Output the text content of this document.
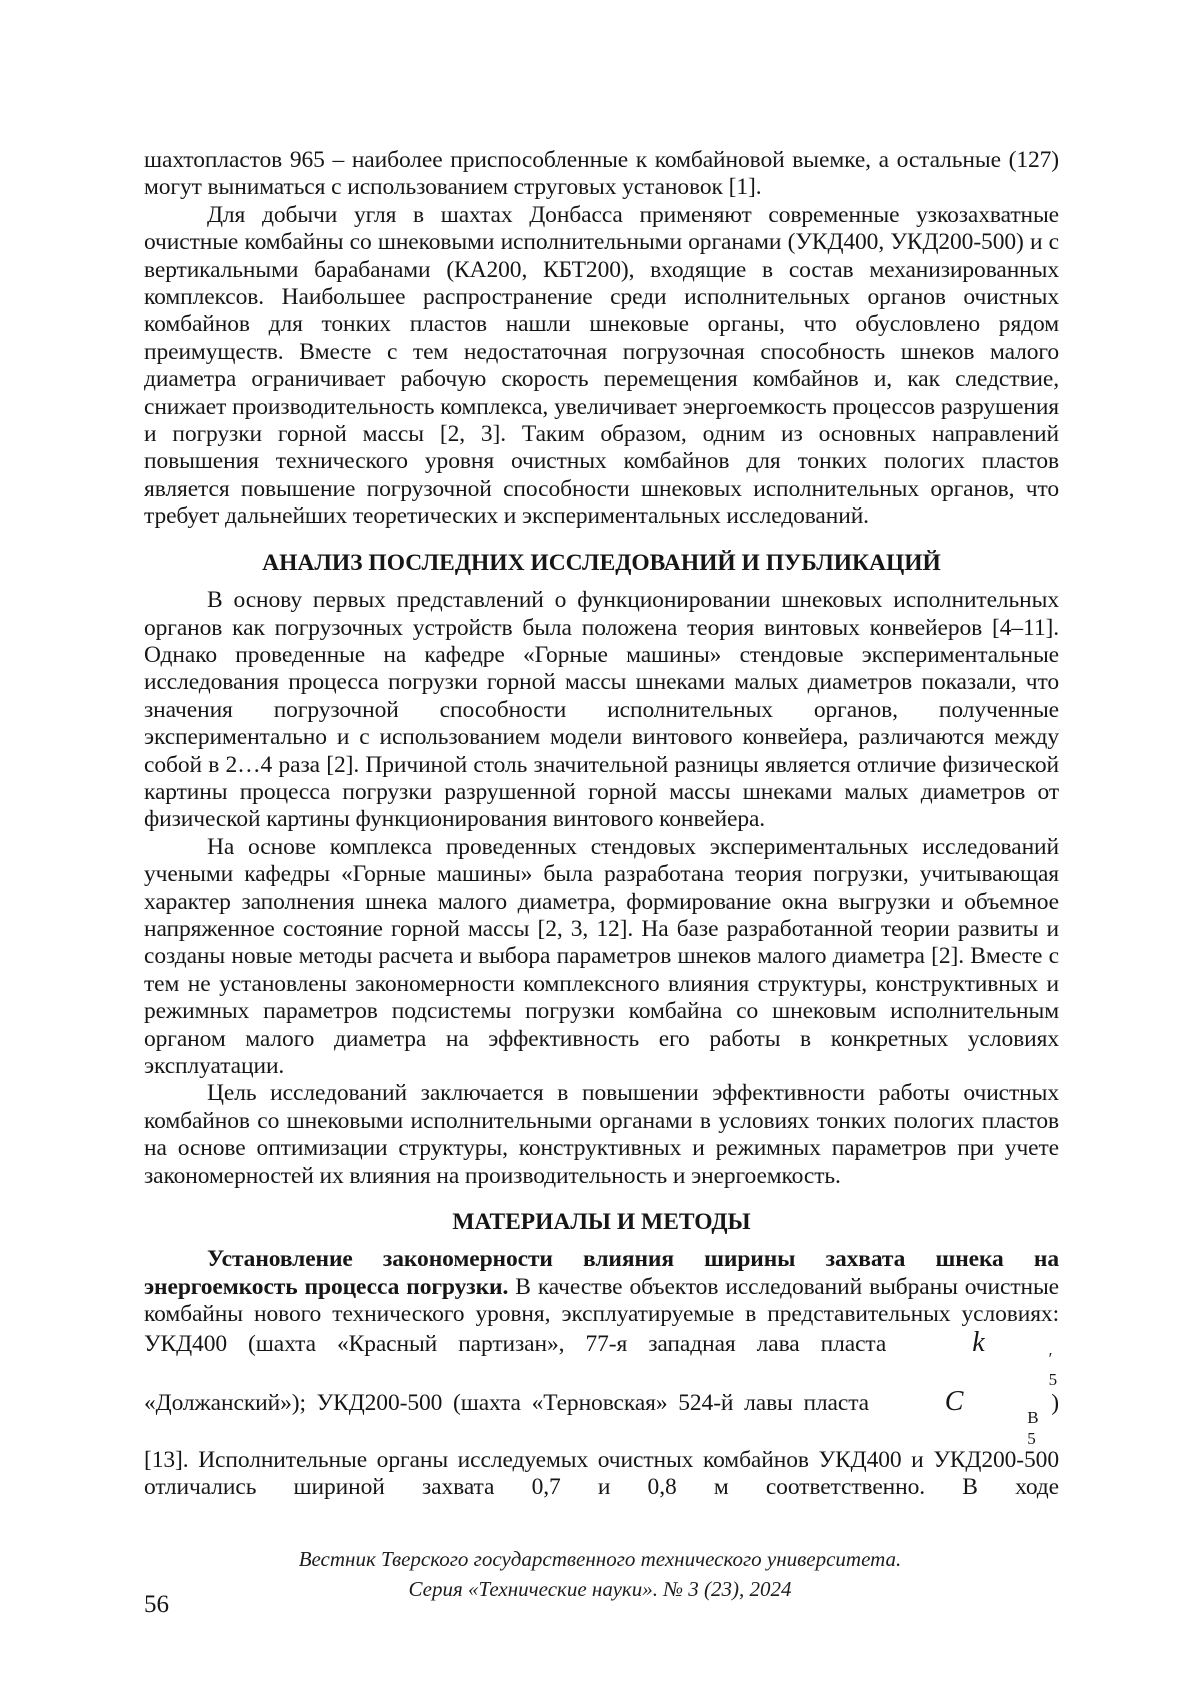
шахтопластов 965 – наиболее приспособленные к комбайновой выемке, а остальные (127) могут выниматься с использованием струговых установок [1].

Для добычи угля в шахтах Донбасса применяют современные узкозахватные очистные комбайны со шнековыми исполнительными органами (УКД400, УКД200-500) и с вертикальными барабанами (КА200, КБТ200), входящие в состав механизированных комплексов. Наибольшее распространение среди исполнительных органов очистных комбайнов для тонких пластов нашли шнековые органы, что обусловлено рядом преимуществ. Вместе с тем недостаточная погрузочная способность шнеков малого диаметра ограничивает рабочую скорость перемещения комбайнов и, как следствие, снижает производительность комплекса, увеличивает энергоемкость процессов разрушения и погрузки горной массы [2, 3]. Таким образом, одним из основных направлений повышения технического уровня очистных комбайнов для тонких пологих пластов является повышение погрузочной способности шнековых исполнительных органов, что требует дальнейших теоретических и экспериментальных исследований.

АНАЛИЗ ПОСЛЕДНИХ ИССЛЕДОВАНИЙ И ПУБЛИКАЦИЙ

В основу первых представлений о функционировании шнековых исполнительных органов как погрузочных устройств была положена теория винтовых конвейеров [4–11]. Однако проведенные на кафедре «Горные машины» стендовые экспериментальные исследования процесса погрузки горной массы шнеками малых диаметров показали, что значения погрузочной способности исполнительных органов, полученные экспериментально и с использованием модели винтового конвейера, различаются между собой в 2…4 раза [2]. Причиной столь значительной разницы является отличие физической картины процесса погрузки разрушенной горной массы шнеками малых диаметров от физической картины функционирования винтового конвейера.

На основе комплекса проведенных стендовых экспериментальных исследований учеными кафедры «Горные машины» была разработана теория погрузки, учитывающая характер заполнения шнека малого диаметра, формирование окна выгрузки и объемное напряженное состояние горной массы [2, 3, 12]. На базе разработанной теории развиты и созданы новые методы расчета и выбора параметров шнеков малого диаметра [2]. Вместе с тем не установлены закономерности комплексного влияния структуры, конструктивных и режимных параметров подсистемы погрузки комбайна со шнековым исполнительным органом малого диаметра на эффективность его работы в конкретных условиях эксплуатации.

Цель исследований заключается в повышении эффективности работы очистных комбайнов со шнековыми исполнительными органами в условиях тонких пологих пластов на основе оптимизации структуры, конструктивных и режимных параметров при учете закономерностей их влияния на производительность и энергоемкость.

МАТЕРИАЛЫ И МЕТОДЫ

Установление закономерности влияния ширины захвата шнека на энергоемкость процесса погрузки. В качестве объектов исследований выбраны очистные комбайны нового технического уровня, эксплуатируемые в представительных условиях: УКД400 (шахта «Красный партизан», 77-я западная лава пласта k
′
5
«Должанский»); УКД200-500 (шахта «Терновская» 524-й лавы пласта C
В
5
) [13]. Исполнительные органы исследуемых очистных комбайнов УКД400 и УКД200-500 отличались шириной захвата 0,7 и 0,8 м соответственно. В ходе

Вестник Тверского государственного технического университета.
Серия «Технические науки». № 3 (23), 2024
56
